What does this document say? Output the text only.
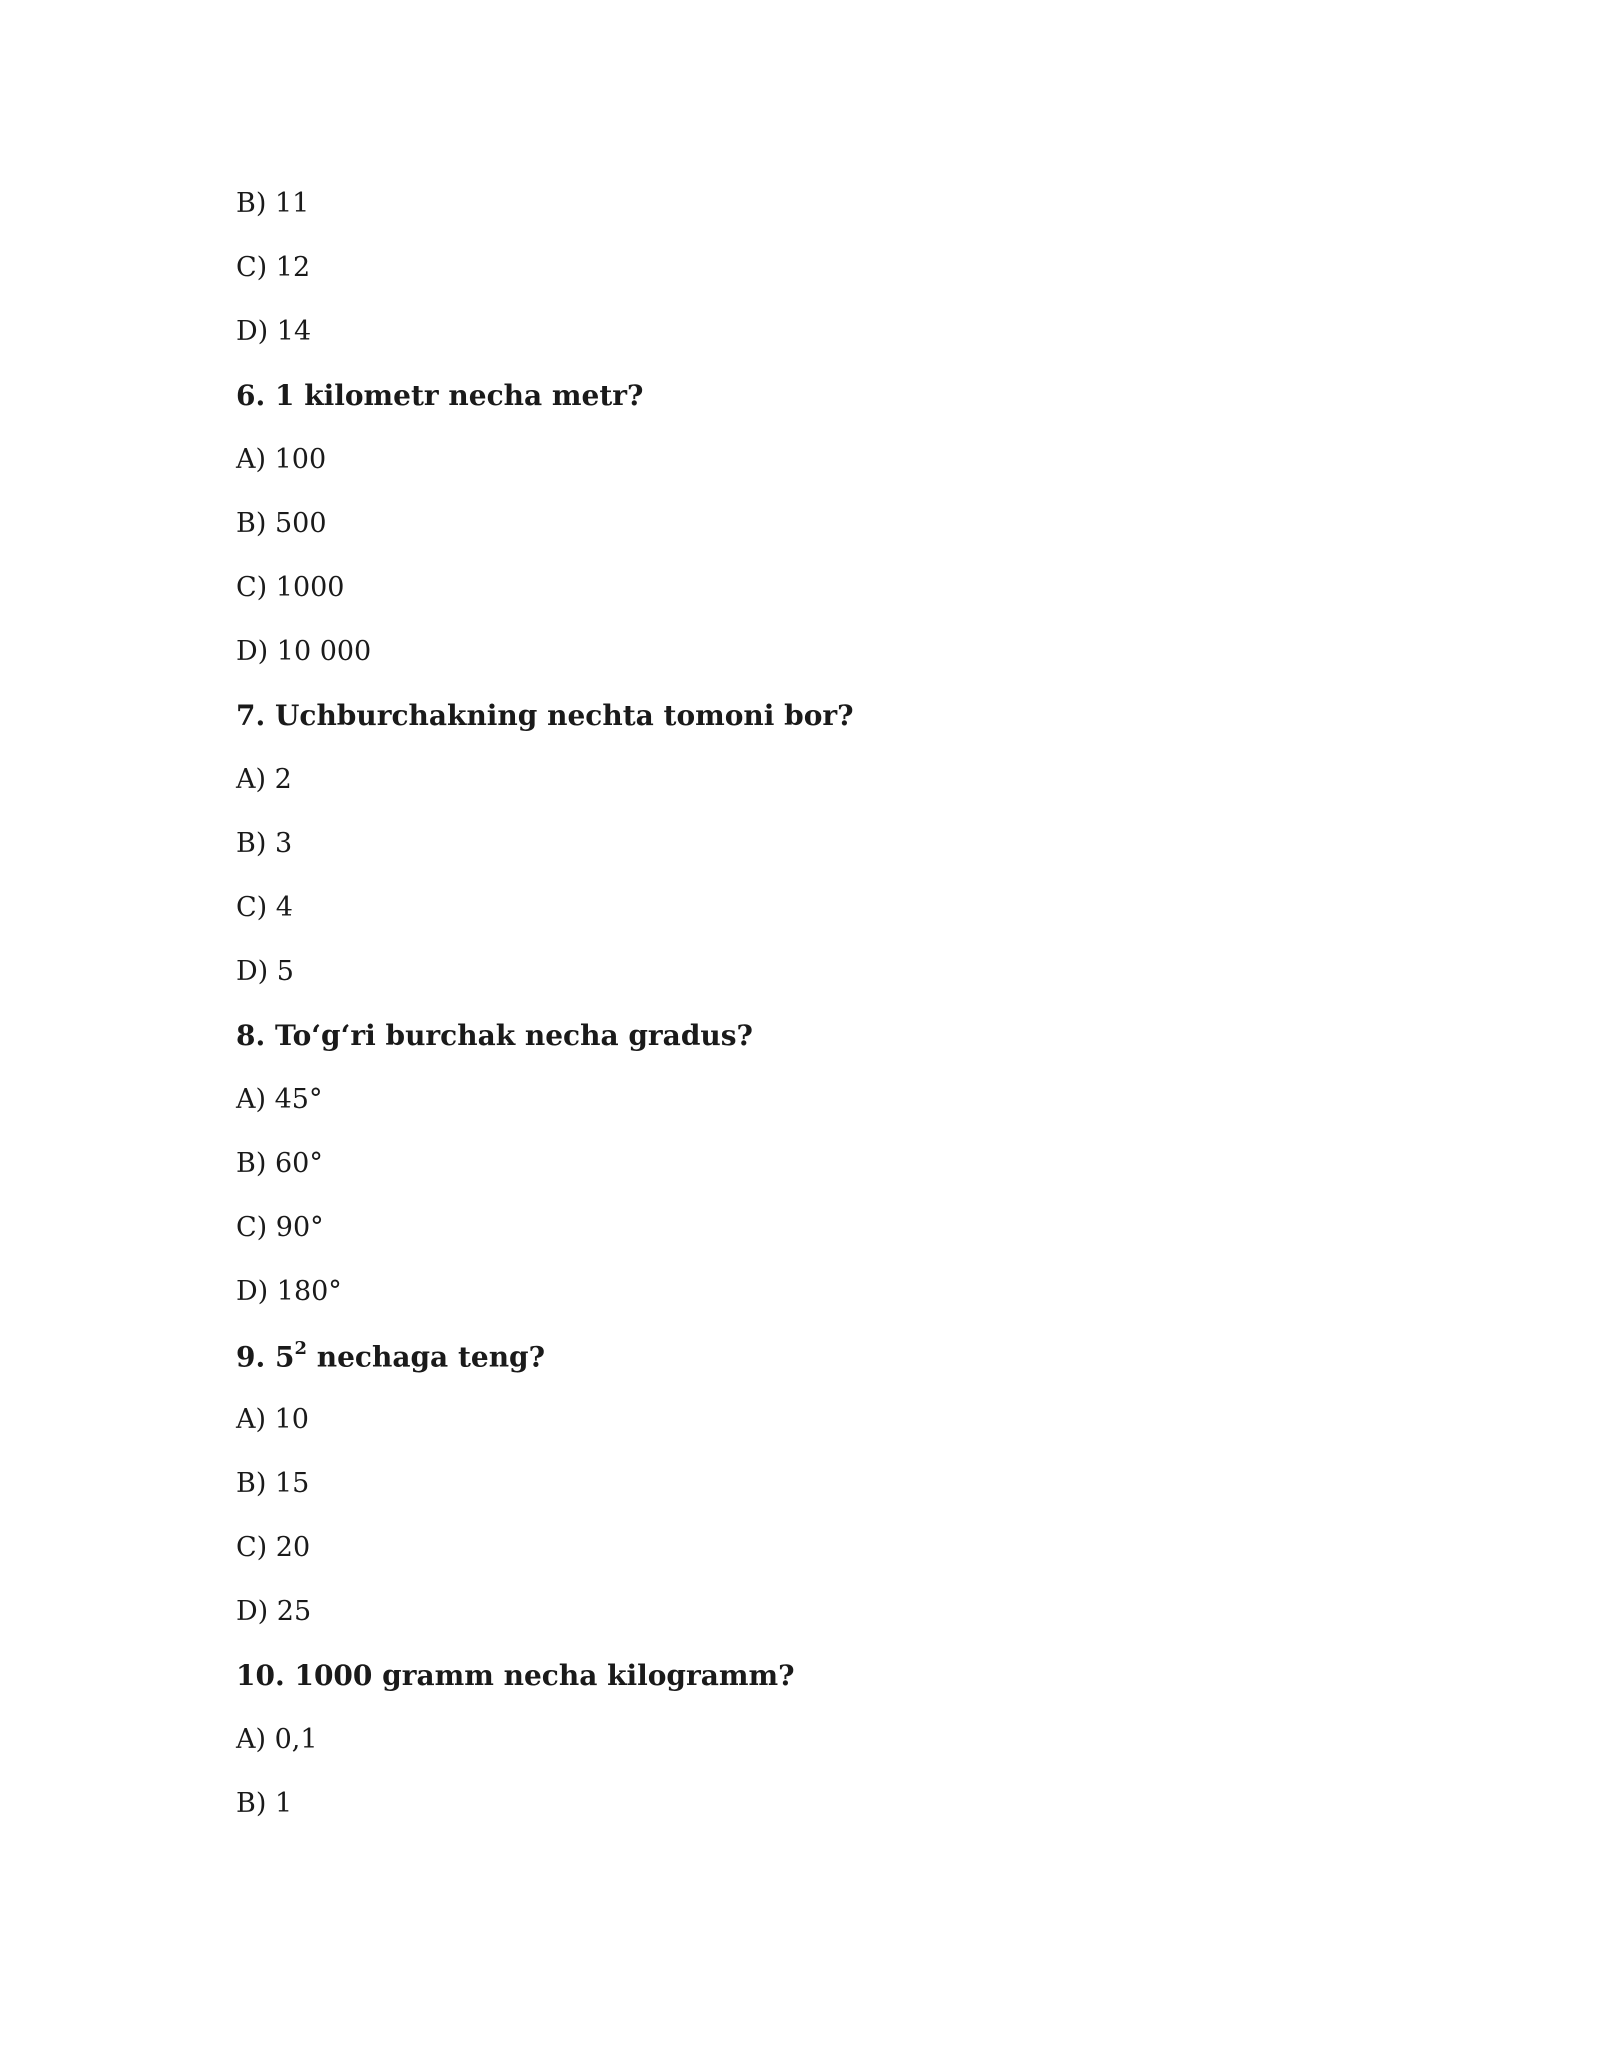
B) 11

C) 12

D) 14

6. 1 kilometr necha metr?

A) 100

B) 500

C) 1000

D) 10 000

7. Uchburchakning nechta tomoni bor?

A) 2

B) 3

C) 4

D) 5

8. To‘g‘ri burchak necha gradus?

A) 45°

B) 60°

C) 90°

D) 180°

9. $5^2$ nechaga teng?

A) 10

B) 15

C) 20

D) 25

10. 1000 gramm necha kilogramm?

A) 0,1

B) 1
